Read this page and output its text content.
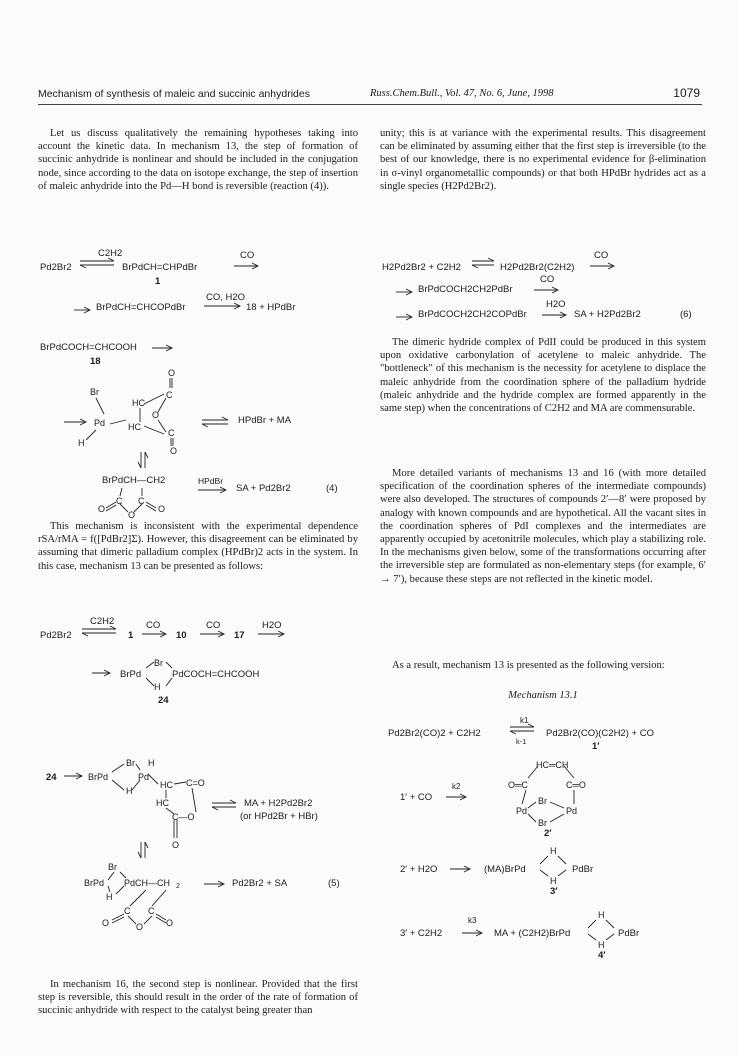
Mechanism of synthesis of maleic and succinic anhydrides	Russ.Chem.Bull., Vol. 47, No. 6, June, 1998	1079

Let us discuss qualitatively the remaining hypotheses taking into account the kinetic data. In mechanism 13, the step of formation of succinic anhydride is nonlinear and should be included in the conjugation node, since according to the data on isotope exchange, the step of insertion of maleic anhydride into the Pd—H bond is reversible (reaction (4)).

This mechanism is inconsistent with the experimental dependence rSA/rMA = f([PdBr2]Σ). However, this disagreement can be eliminated by assuming that dimeric palladium complex (HPdBr)2 acts in the system. In this case, mechanism 13 can be presented as follows:

In mechanism 16, the second step is nonlinear. Provided that the first step is reversible, this should result in the order of the rate of formation of succinic anhydride with respect to the catalyst being greater than

unity; this is at variance with the experimental results. This disagreement can be eliminated by assuming either that the first step is irreversible (to the best of our knowledge, there is no experimental evidence for β-elimination in σ-vinyl organometallic compounds) or that both HPdBr hydrides act as a single species (H2Pd2Br2).

The dimeric hydride complex of PdII could be produced in this system upon oxidative carbonylation of acetylene to maleic anhydride. The "bottleneck" of this mechanism is the necessity for acetylene to displace the maleic anhydride from the coordination sphere of the palladium hydride (maleic anhydride and the hydride complex are formed apparently in the same step) when the concentrations of C2H2 and MA are commensurable.

More detailed variants of mechanisms 13 and 16 (with more detailed specification of the coordination spheres of the intermediate compounds) were also developed. The structures of compounds 2′—8′ were proposed by analogy with known compounds and are hypothetical. All the vacant sites in the coordination spheres of PdI complexes and the intermediates are apparently occupied by acetonitrile molecules, which play a stabilizing role. In the mechanisms given below, some of the transformations occurring after the irreversible step are formulated as non-elementary steps (for example, 6′ → 7′), because these steps are not reflected in the kinetic model.

As a result, mechanism 13 is presented as the following version:

Mechanism 13.1
Pd2Br2
C2H2
⇌ BrPdCH=CHPdBr
CO
1
→ BrPdCH=CHCOPdBr
CO, H2O
→ 18 + HPdBr
BrPdCOCH=CHCOOH →
18
Br
Pd
H
HC
HC
O
C
C
O
O
HPdBr + MA
BrPdCH—CH2
C C
O
O	O
HPdBr
→ SA + Pd2Br2	(4)
Pd2Br2
C2H2
⇌ 1
CO
→ 10
CO
→ 17
H2O
Br
H
BrPd	PdCOCH=CHCOOH
24
24	BrPd	Pd
Br H
H
HC
HC
C=O
C—O
O
⇌ MA + H2Pd2Br2
(or HPd2Br + HBr)
Br
BrPd PdCH—CH 2
H
C C
O
O	O
→ Pd2Br2 + SA	(5)
H2Pd2Br2 + C2H2 ⇌ H2Pd2Br2(C2H2)
CO
→ BrPdCOCH2CH2PdBr
CO
→ BrPdCOCH2CH2COPdBr
H2O
→ SA + H2Pd2Br2	(6)
Pd2Br2(CO)2 + C2H2
k1
k-1
Pd2Br2(CO)(C2H2) + CO
1′
1′ + CO
k2
HC═CH
O═C	C═O
Br
Pd	Pd
Br
2′
2′ + H2O → (MA)BrPd
H
H
PdBr
3′
3′ + C2H2
k3
→ MA + (C2H2)BrPd
H
H
PdBr
4′
